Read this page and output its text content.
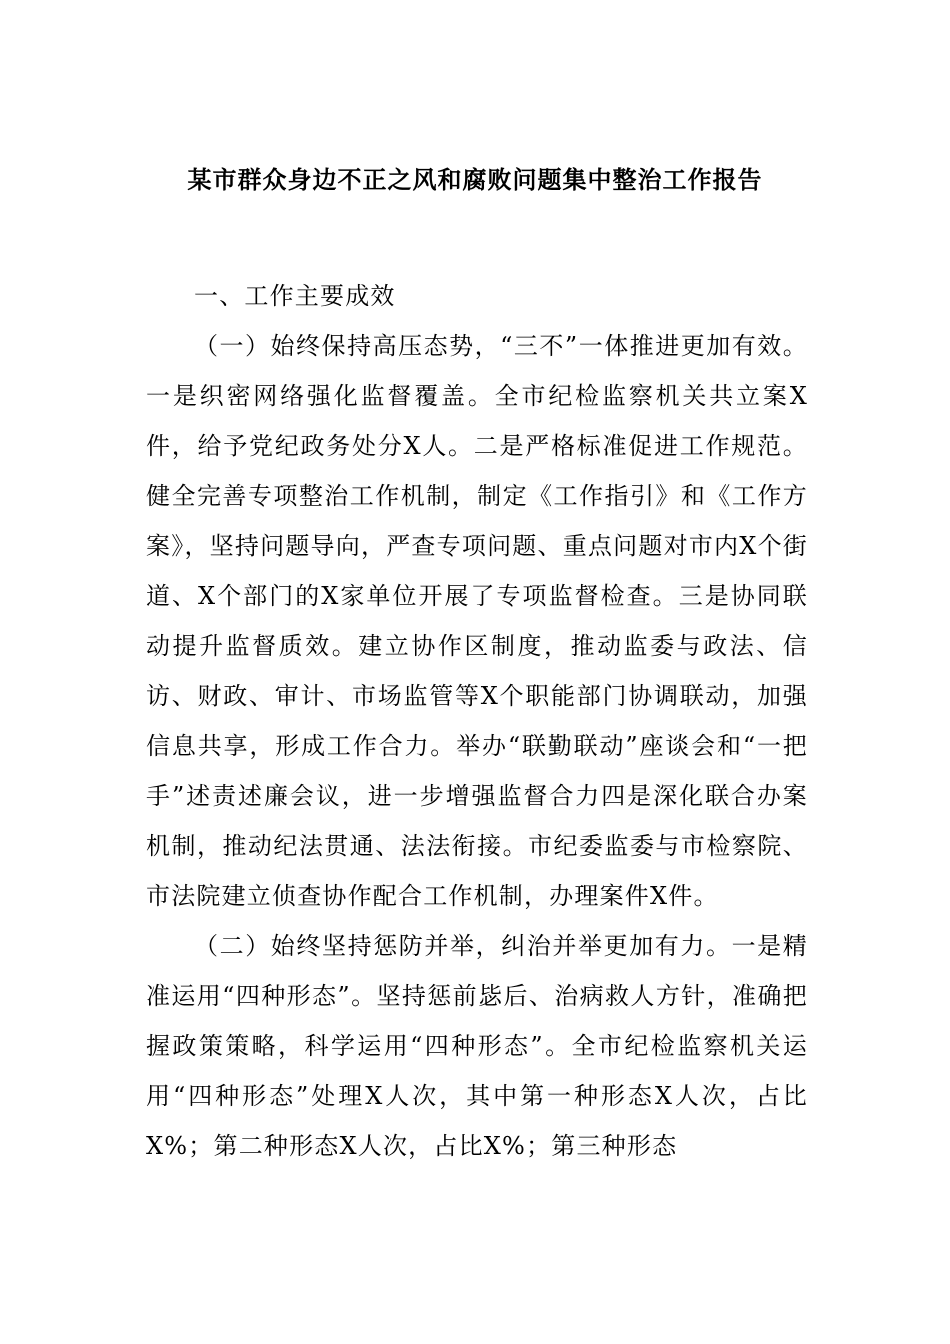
某市群众身边不正之风和腐败问题集中整治工作报告

一、工作主要成效

（一）始终保持高压态势，“三不”一体推进更加有效。一是织密网络强化监督覆盖。全市纪检监察机关共立案X件，给予党纪政务处分X人。二是严格标准促进工作规范。健全完善专项整治工作机制，制定《工作指引》和《工作方案》，坚持问题导向，严查专项问题、重点问题对市内X个街道、X个部门的X家单位开展了专项监督检查。三是协同联动提升监督质效。建立协作区制度，推动监委与政法、信访、财政、审计、市场监管等X个职能部门协调联动，加强信息共享，形成工作合力。举办“联勤联动”座谈会和“一把手”述责述廉会议，进一步增强监督合力四是深化联合办案机制，推动纪法贯通、法法衔接。市纪委监委与市检察院、市法院建立侦查协作配合工作机制，办理案件X件。

（二）始终坚持惩防并举，纠治并举更加有力。一是精准运用“四种形态”。坚持惩前毖后、治病救人方针，准确把握政策策略，科学运用“四种形态”。全市纪检监察机关运用“四种形态”处理X人次，其中第一种形态X人次，占比X%；第二种形态X人次，占比X%；第三种形态
